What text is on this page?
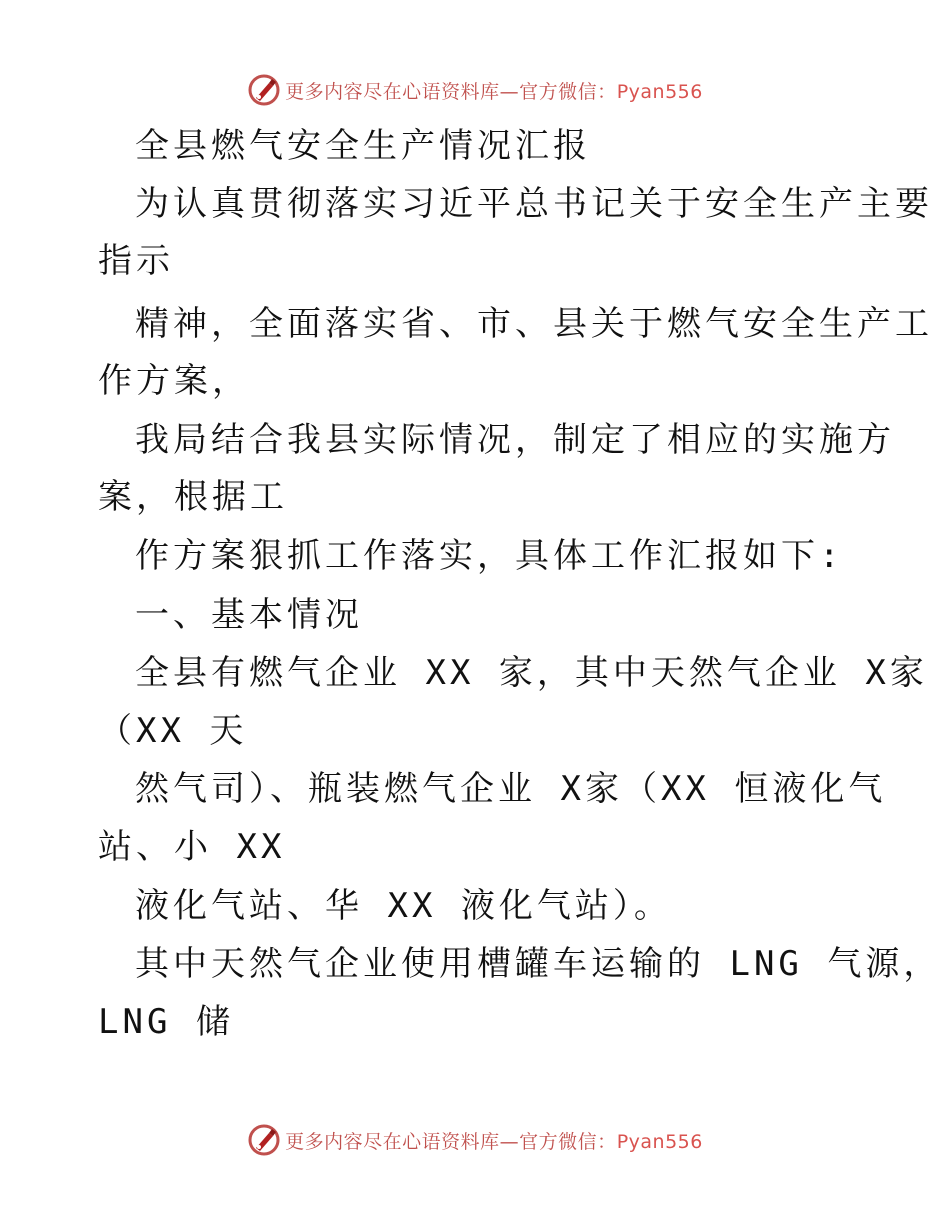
更多内容尽在心语资料库—官方微信：Pyan556
全县燃气安全生产情况汇报
为认真贯彻落实习近平总书记关于安全生产主要
指示
精神，全面落实省、市、县关于燃气安全生产工
作方案，
我局结合我县实际情况，制定了相应的实施方
案，根据工
作方案狠抓工作落实，具体工作汇报如下:
一、基本情况
全县有燃气企业 XX 家，其中天然气企业 X家
（XX 天
然气司）、瓶装燃气企业 X家（XX 恒液化气
站、小 XX
液化气站、华 XX 液化气站）。
其中天然气企业使用槽罐车运输的 LNG 气源，
LNG 储
更多内容尽在心语资料库—官方微信：Pyan556
